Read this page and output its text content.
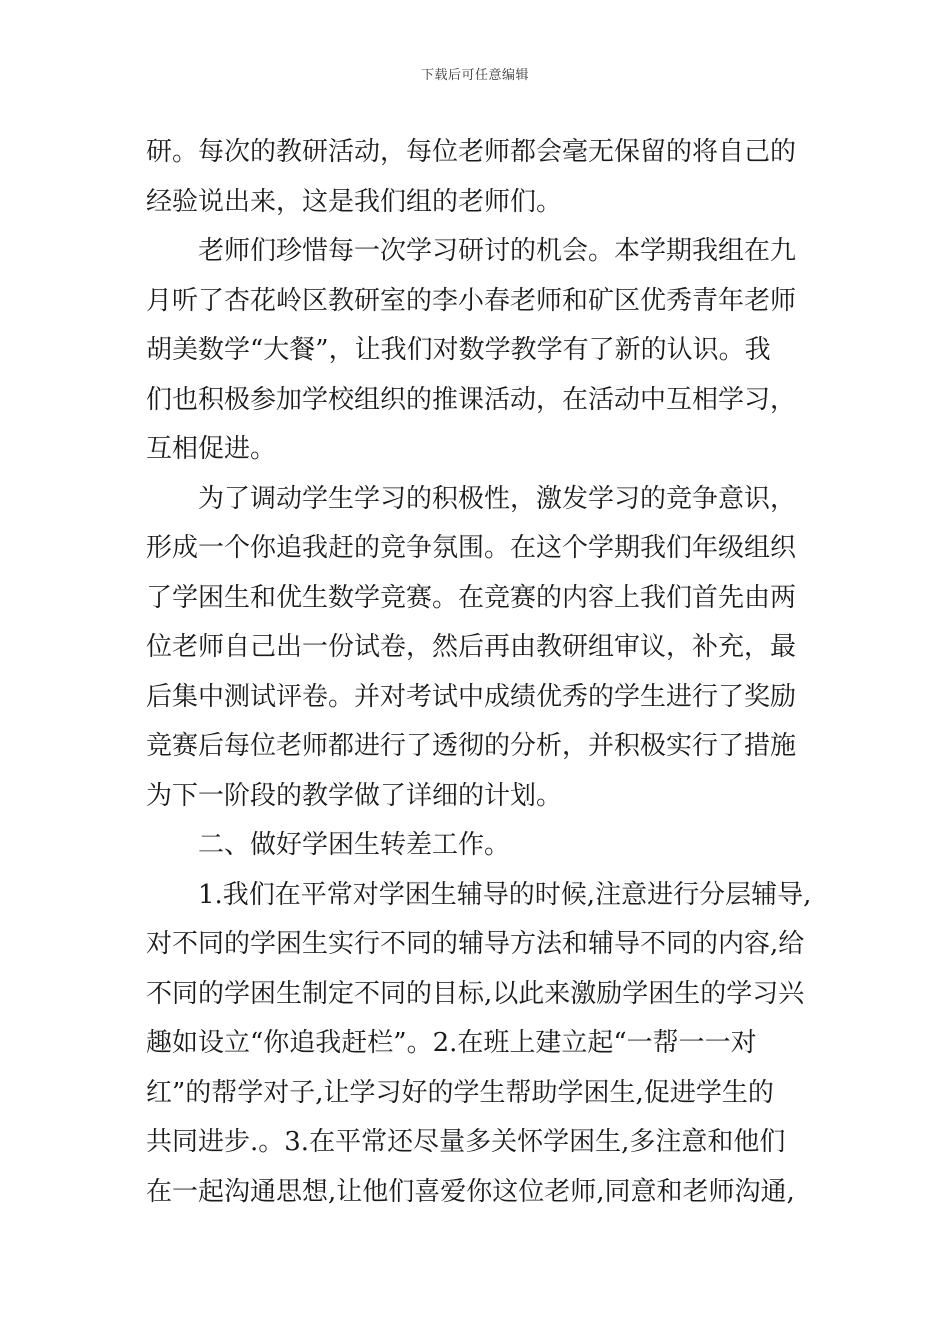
下载后可任意编辑
研。每次的教研活动，每位老师都会毫无保留的将自己的
经验说出来，这是我们组的老师们。
老师们珍惜每一次学习研讨的机会。本学期我组在九
月听了杏花岭区教研室的李小春老师和矿区优秀青年老师
胡美数学“大餐”，让我们对数学教学有了新的认识。我
们也积极参加学校组织的推课活动，在活动中互相学习，
互相促进。
为了调动学生学习的积极性，激发学习的竞争意识，
形成一个你追我赶的竞争氛围。在这个学期我们年级组织
了学困生和优生数学竞赛。在竞赛的内容上我们首先由两
位老师自己出一份试卷，然后再由教研组审议，补充，最
后集中测试评卷。并对考试中成绩优秀的学生进行了奖励
竞赛后每位老师都进行了透彻的分析，并积极实行了措施
为下一阶段的教学做了详细的计划。
二、做好学困生转差工作。
1.我们在平常对学困生辅导的时候,注意进行分层辅导,
对不同的学困生实行不同的辅导方法和辅导不同的内容,给
不同的学困生制定不同的目标,以此来激励学困生的学习兴
趣如设立“你追我赶栏”。2.在班上建立起“一帮一一对
红”的帮学对子,让学习好的学生帮助学困生,促进学生的
共同进步.。3.在平常还尽量多关怀学困生,多注意和他们
在一起沟通思想,让他们喜爱你这位老师,同意和老师沟通,
